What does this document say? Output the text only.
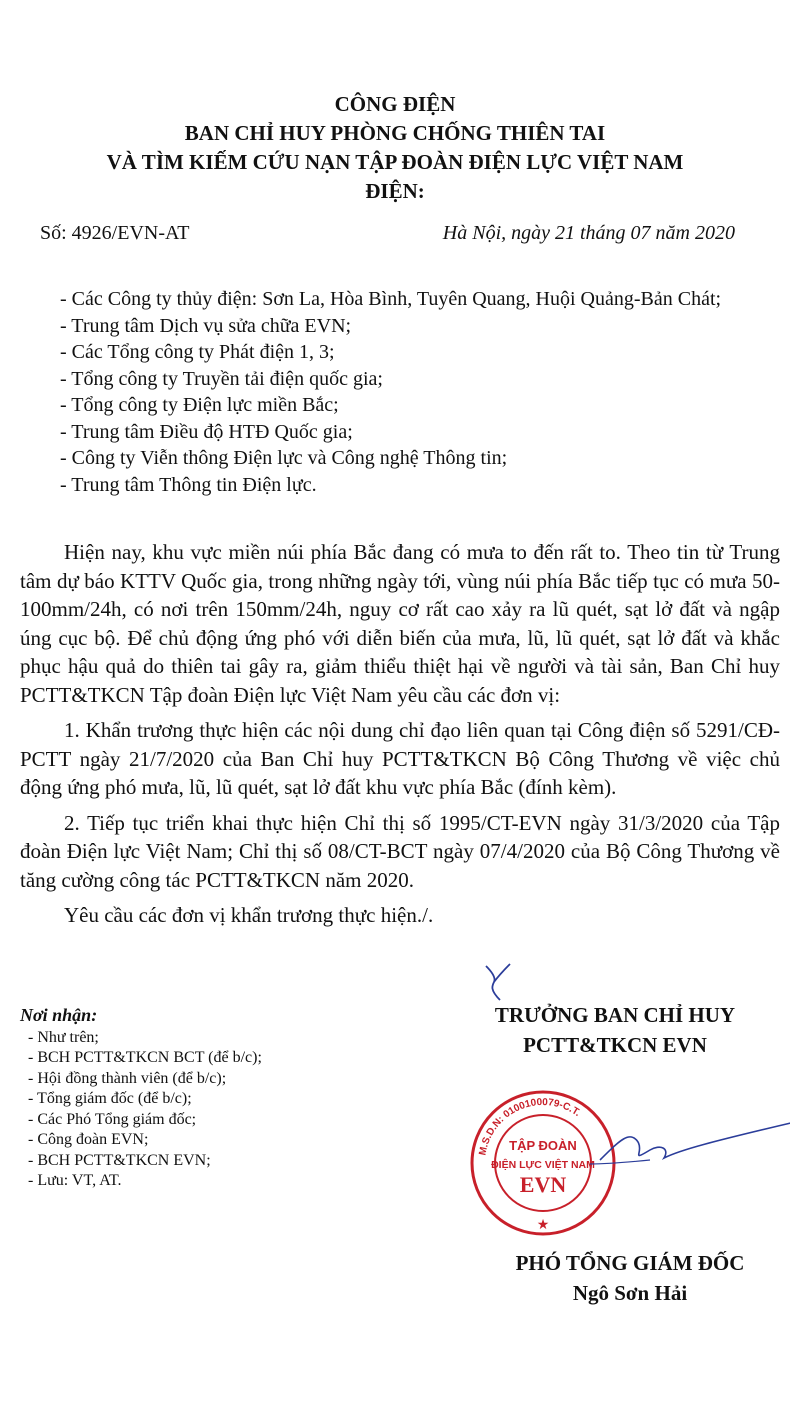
CÔNG ĐIỆN
BAN CHỈ HUY PHÒNG CHỐNG THIÊN TAI
VÀ TÌM KIẾM CỨU NẠN TẬP ĐOÀN ĐIỆN LỰC VIỆT NAM
ĐIỆN:
Số: 4926/EVN-AT	Hà Nội, ngày 21 tháng 07 năm 2020
- Các Công ty thủy điện: Sơn La, Hòa Bình, Tuyên Quang, Huội Quảng-Bản Chát;
- Trung tâm Dịch vụ sửa chữa EVN;
- Các Tổng công ty Phát điện 1, 3;
- Tổng công ty Truyền tải điện quốc gia;
- Tổng công ty Điện lực miền Bắc;
- Trung tâm Điều độ HTĐ Quốc gia;
- Công ty Viễn thông Điện lực và Công nghệ Thông tin;
- Trung tâm Thông tin Điện lực.

Hiện nay, khu vực miền núi phía Bắc đang có mưa to đến rất to. Theo tin từ Trung tâm dự báo KTTV Quốc gia, trong những ngày tới, vùng núi phía Bắc tiếp tục có mưa 50-100mm/24h, có nơi trên 150mm/24h, nguy cơ rất cao xảy ra lũ quét, sạt lở đất và ngập úng cục bộ. Để chủ động ứng phó với diễn biến của mưa, lũ, lũ quét, sạt lở đất và khắc phục hậu quả do thiên tai gây ra, giảm thiểu thiệt hại về người và tài sản, Ban Chỉ huy PCTT&TKCN Tập đoàn Điện lực Việt Nam yêu cầu các đơn vị:

1. Khẩn trương thực hiện các nội dung chỉ đạo liên quan tại Công điện số 5291/CĐ-PCTT ngày 21/7/2020 của Ban Chỉ huy PCTT&TKCN Bộ Công Thương về việc chủ động ứng phó mưa, lũ, lũ quét, sạt lở đất khu vực phía Bắc (đính kèm).

2. Tiếp tục triển khai thực hiện Chỉ thị số 1995/CT-EVN ngày 31/3/2020 của Tập đoàn Điện lực Việt Nam; Chỉ thị số 08/CT-BCT ngày 07/4/2020 của Bộ Công Thương về tăng cường công tác PCTT&TKCN năm 2020.

Yêu cầu các đơn vị khẩn trương thực hiện./.

Nơi nhận:
- Như trên;
- BCH PCTT&TKCN BCT (để b/c);
- Hội đồng thành viên (để b/c);
- Tổng giám đốc (để b/c);
- Các Phó Tổng giám đốc;
- Công đoàn EVN;
- BCH PCTT&TKCN EVN;
- Lưu: VT, AT.
TRƯỞNG BAN CHỈ HUY
PCTT&TKCN EVN
M.S.D.N: 0100100079-C.T.
TẬP ĐOÀN
ĐIỆN LỰC VIỆT NAM
EVN
★
PHÓ TỔNG GIÁM ĐỐC
Ngô Sơn Hải
